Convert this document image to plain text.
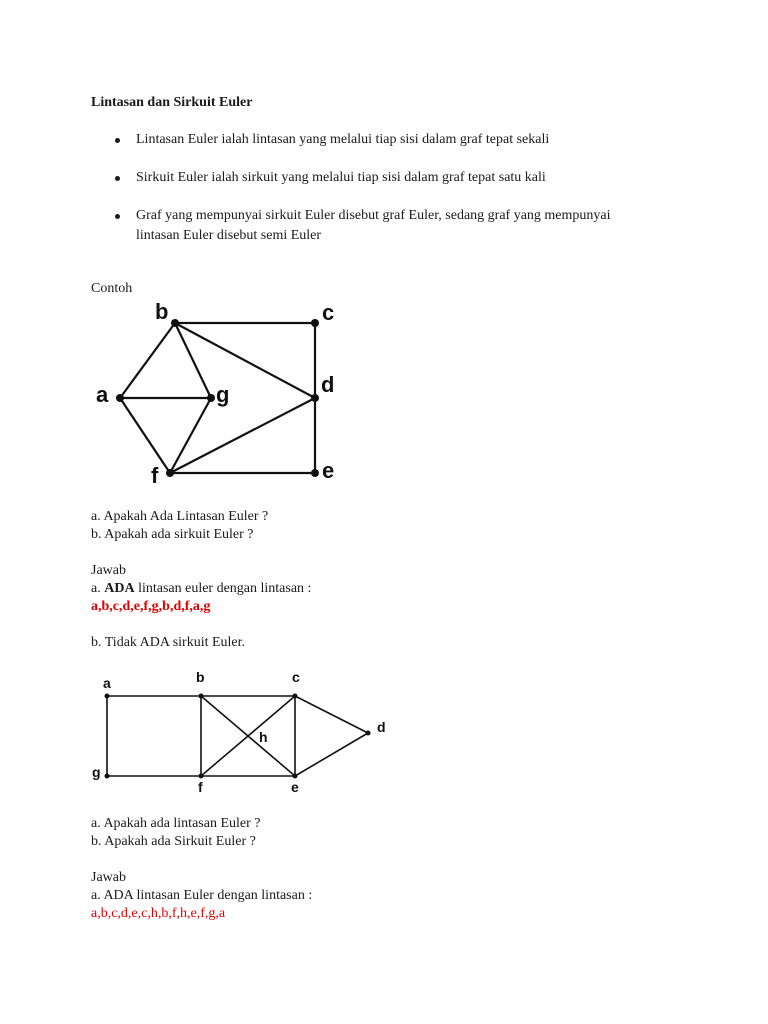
Lintasan dan Sirkuit Euler
Lintasan Euler ialah lintasan yang melalui tiap sisi dalam graf tepat sekali
Sirkuit Euler ialah sirkuit yang melalui tiap sisi dalam graf tepat satu kali
Graf yang mempunyai sirkuit Euler disebut graf Euler, sedang graf yang mempunyai
lintasan Euler disebut semi Euler
Contoh
a
b	c
d
e
f
g
a	b	c
d
e
f
g
h
a. Apakah Ada Lintasan Euler ?
b. Apakah ada sirkuit Euler ?
Jawab
a. ADA lintasan euler dengan lintasan :
a,b,c,d,e,f,g,b,d,f,a,g
b. Tidak ADA sirkuit Euler.
a. Apakah ada lintasan Euler ?
b. Apakah ada Sirkuit Euler ?
Jawab
a. ADA lintasan Euler dengan lintasan :
a,b,c,d,e,c,h,b,f,h,e,f,g,a
